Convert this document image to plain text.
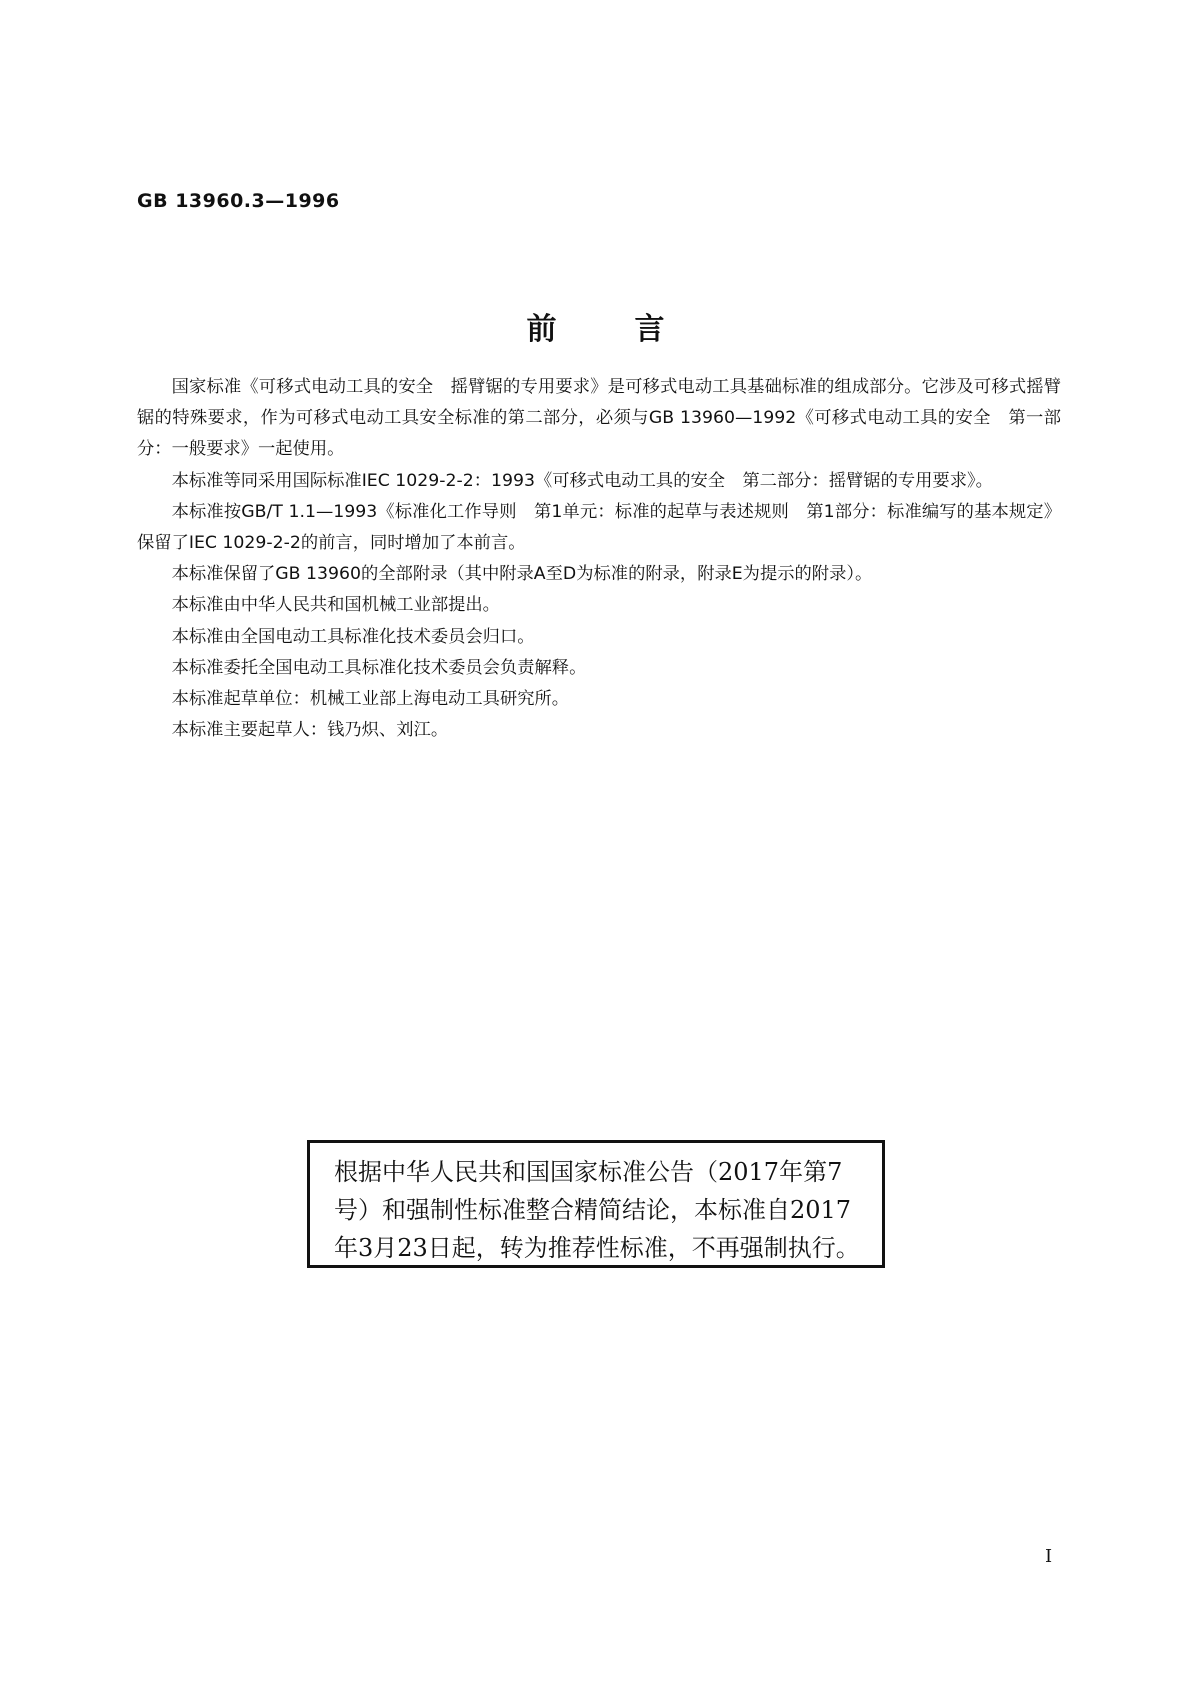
GB 13960.3—1996
前	言

国家标准《可移式电动工具的安全　摇臂锯的专用要求》是可移式电动工具基础标准的组成部分。它涉及可移式摇臂锯的特殊要求，作为可移式电动工具安全标准的第二部分，必须与GB 13960—1992《可移式电动工具的安全　第一部分：一般要求》一起使用。

本标准等同采用国际标准IEC 1029-2-2：1993《可移式电动工具的安全　第二部分：摇臂锯的专用要求》。

本标准按GB/T 1.1—1993《标准化工作导则　第1单元：标准的起草与表述规则　第1部分：标准编写的基本规定》保留了IEC 1029-2-2的前言，同时增加了本前言。

本标准保留了GB 13960的全部附录（其中附录A至D为标准的附录，附录E为提示的附录）。

本标准由中华人民共和国机械工业部提出。

本标准由全国电动工具标准化技术委员会归口。

本标准委托全国电动工具标准化技术委员会负责解释。

本标准起草单位：机械工业部上海电动工具研究所。

本标准主要起草人：钱乃炽、刘江。

根据中华人民共和国国家标准公告（2017年第7
号）和强制性标准整合精简结论，本标准自2017
年3月23日起，转为推荐性标准，不再强制执行。
I
